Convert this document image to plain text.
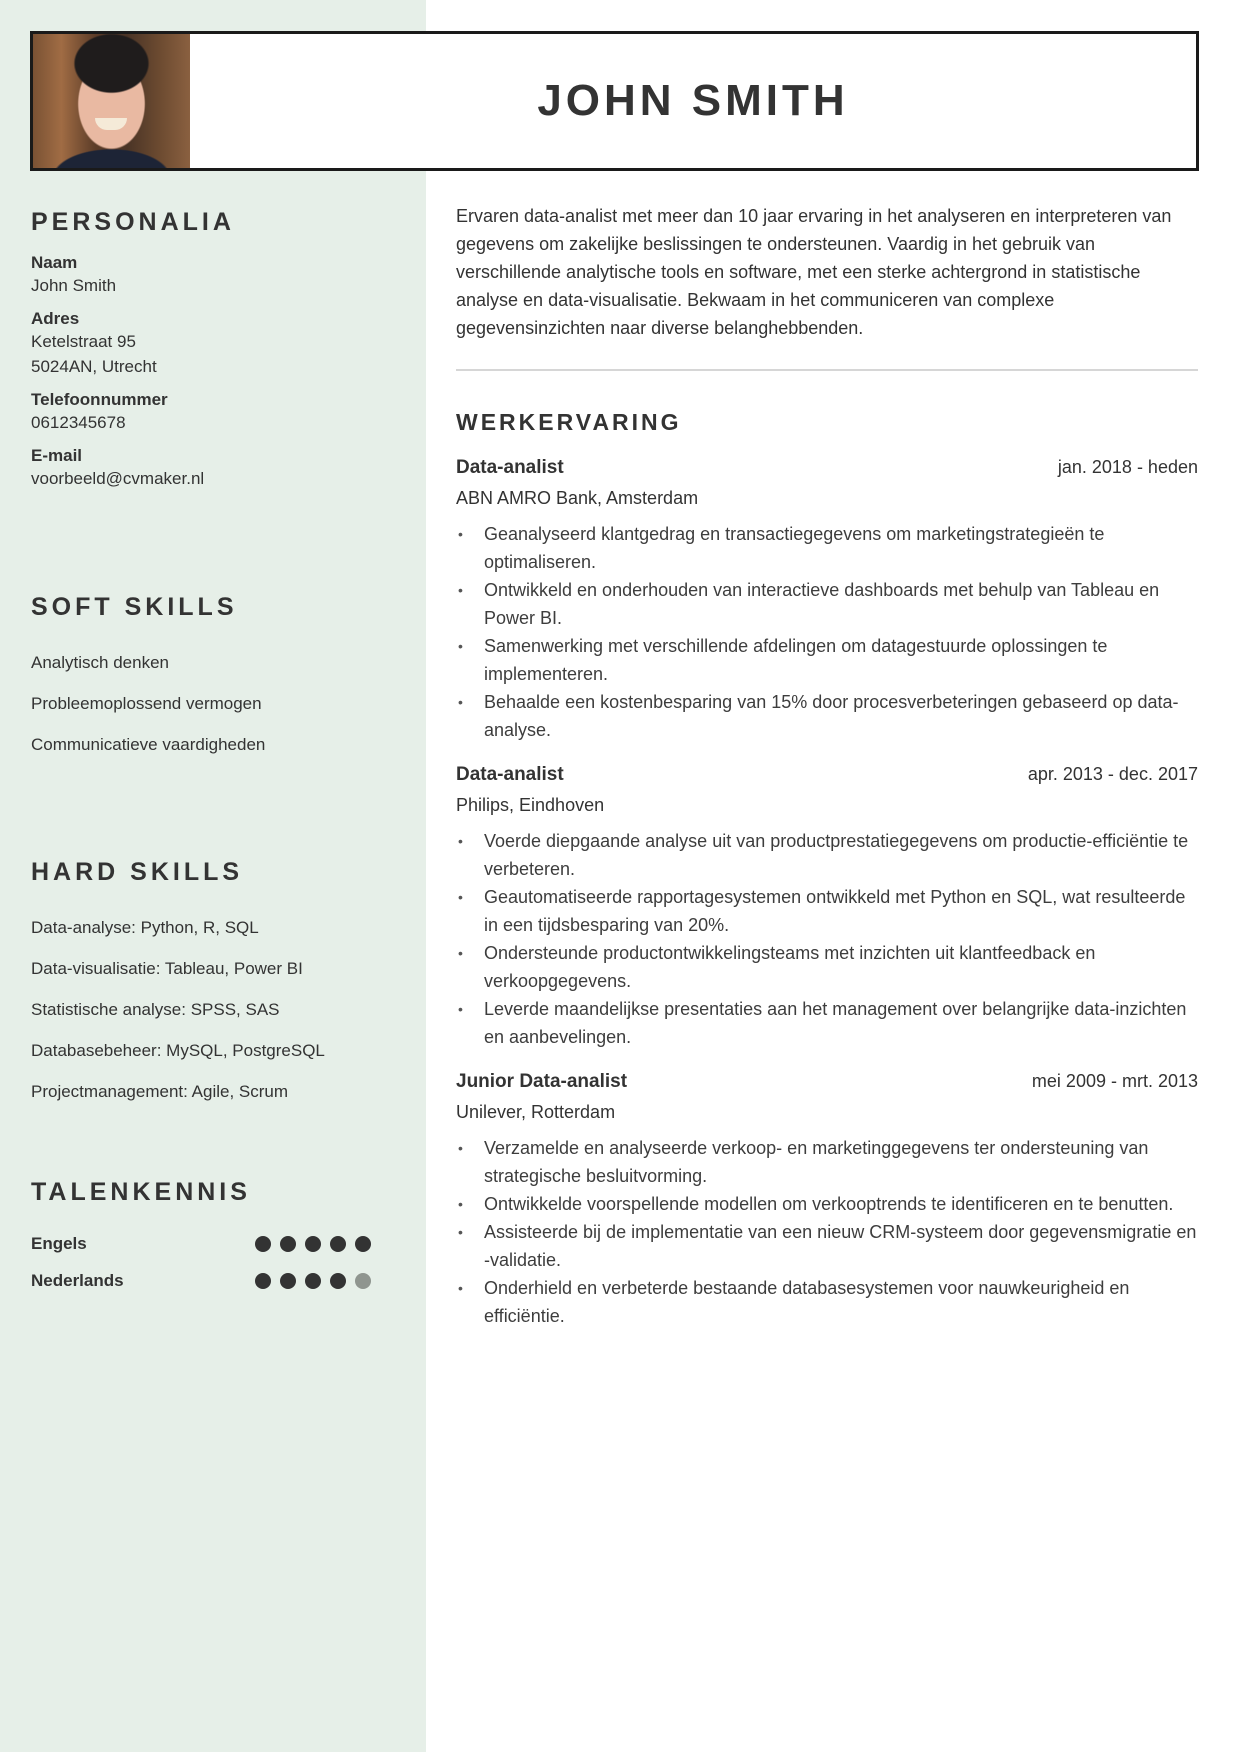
JOHN SMITH
PERSONALIA
Naam
John Smith
Adres
Ketelstraat 95
5024AN, Utrecht
Telefoonnummer
0612345678
E-mail
voorbeeld@cvmaker.nl
SOFT SKILLS
Analytisch denken
Probleemoplossend vermogen
Communicatieve vaardigheden
HARD SKILLS
Data-analyse: Python, R, SQL
Data-visualisatie: Tableau, Power BI
Statistische analyse: SPSS, SAS
Databasebeheer: MySQL, PostgreSQL
Projectmanagement: Agile, Scrum
TALENKENNIS
Engels
Nederlands

Ervaren data-analist met meer dan 10 jaar ervaring in het analyseren en interpreteren van gegevens om zakelijke beslissingen te ondersteunen. Vaardig in het gebruik van verschillende analytische tools en software, met een sterke achtergrond in statistische analyse en data-visualisatie. Bekwaam in het communiceren van complexe gegevensinzichten naar diverse belanghebbenden.

WERKERVARING
Data-analist	jan. 2018 - heden
ABN AMRO Bank, Amsterdam
• Geanalyseerd klantgedrag en transactiegegevens om marketingstrategieën te optimaliseren.
• Ontwikkeld en onderhouden van interactieve dashboards met behulp van Tableau en Power BI.
• Samenwerking met verschillende afdelingen om datagestuurde oplossingen te implementeren.
• Behaalde een kostenbesparing van 15% door procesverbeteringen gebaseerd op data-analyse.
Data-analist	apr. 2013 - dec. 2017
Philips, Eindhoven
• Voerde diepgaande analyse uit van productprestatiegegevens om productie-efficiëntie te verbeteren.
• Geautomatiseerde rapportagesystemen ontwikkeld met Python en SQL, wat resulteerde in een tijdsbesparing van 20%.
• Ondersteunde productontwikkelingsteams met inzichten uit klantfeedback en verkoopgegevens.
• Leverde maandelijkse presentaties aan het management over belangrijke data-inzichten en aanbevelingen.
Junior Data-analist	mei 2009 - mrt. 2013
Unilever, Rotterdam
• Verzamelde en analyseerde verkoop- en marketinggegevens ter ondersteuning van strategische besluitvorming.
• Ontwikkelde voorspellende modellen om verkooptrends te identificeren en te benutten.
• Assisteerde bij de implementatie van een nieuw CRM-systeem door gegevensmigratie en -validatie.
• Onderhield en verbeterde bestaande databasesystemen voor nauwkeurigheid en efficiëntie.
